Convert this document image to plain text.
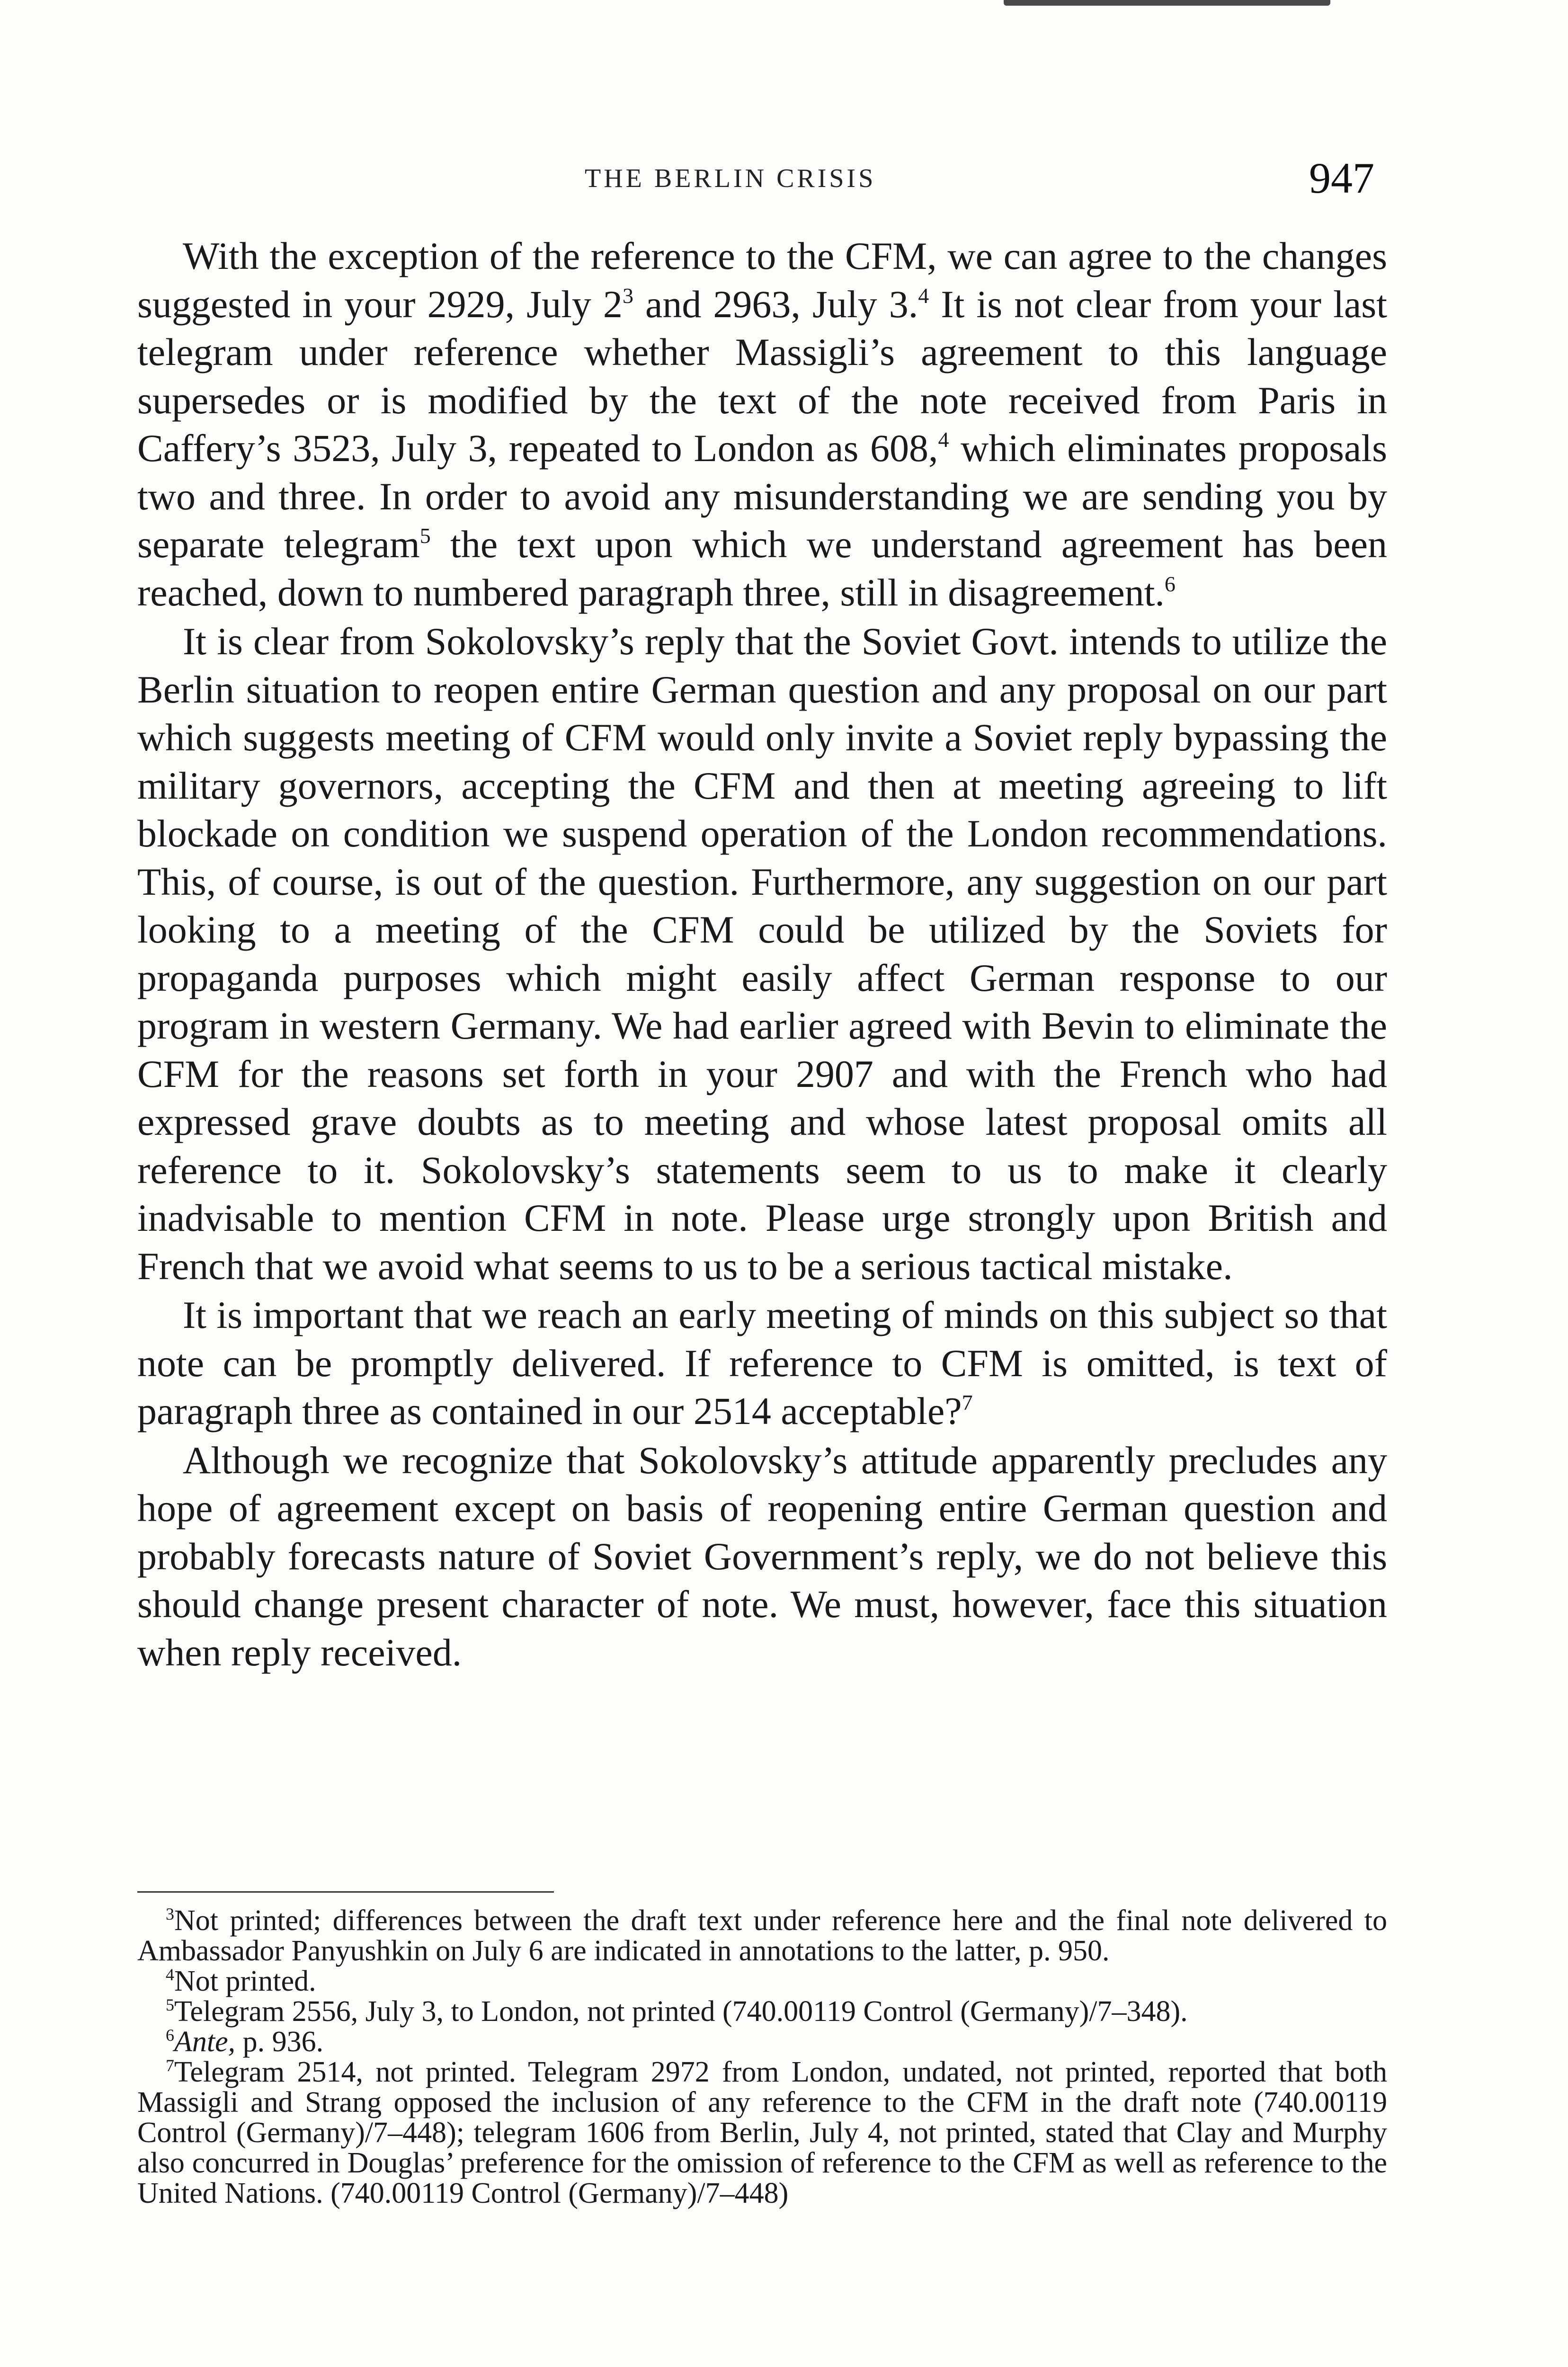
THE BERLIN CRISIS	947

With the exception of the reference to the CFM, we can agree to the changes suggested in your 2929, July $2^3$ and 2963, July 3.$^4$ It is not clear from your last telegram under reference whether Massigli’s agreement to this language supersedes or is modified by the text of the note received from Paris in Caffery’s 3523, July 3, repeated to London as 608,$^4$ which eliminates proposals two and three. In order to avoid any misunderstanding we are sending you by separate telegram$^5$ the text upon which we understand agreement has been reached, down to numbered paragraph three, still in disagreement.$^6$

It is clear from Sokolovsky’s reply that the Soviet Govt. intends to utilize the Berlin situation to reopen entire German question and any proposal on our part which suggests meeting of CFM would only invite a Soviet reply bypassing the military governors, accepting the CFM and then at meeting agreeing to lift blockade on condition we suspend operation of the London recommendations. This, of course, is out of the question. Furthermore, any suggestion on our part looking to a meeting of the CFM could be utilized by the Soviets for propaganda purposes which might easily affect German response to our program in western Germany. We had earlier agreed with Bevin to eliminate the CFM for the reasons set forth in your 2907 and with the French who had expressed grave doubts as to meeting and whose latest proposal omits all reference to it. Sokolovsky’s statements seem to us to make it clearly inadvisable to mention CFM in note. Please urge strongly upon British and French that we avoid what seems to us to be a serious tactical mistake.

It is important that we reach an early meeting of minds on this subject so that note can be promptly delivered. If reference to CFM is omitted, is text of paragraph three as contained in our 2514 acceptable?$^7$

Although we recognize that Sokolovsky’s attitude apparently precludes any hope of agreement except on basis of reopening entire German question and probably forecasts nature of Soviet Government’s reply, we do not believe this should change present character of note. We must, however, face this situation when reply received.

$^3$Not printed; differences between the draft text under reference here and the final note delivered to Ambassador Panyushkin on July 6 are indicated in annotations to the latter, p. 950.

$^4$Not printed.

$^5$Telegram 2556, July 3, to London, not printed (740.00119 Control (Germany)/7–348).

$^6$Ante, p. 936.

$^7$Telegram 2514, not printed. Telegram 2972 from London, undated, not printed, reported that both Massigli and Strang opposed the inclusion of any reference to the CFM in the draft note (740.00119 Control (Germany)/7–448); telegram 1606 from Berlin, July 4, not printed, stated that Clay and Murphy also concurred in Douglas’ preference for the omission of reference to the CFM as well as reference to the United Nations. (740.00119 Control (Germany)/7–448)
